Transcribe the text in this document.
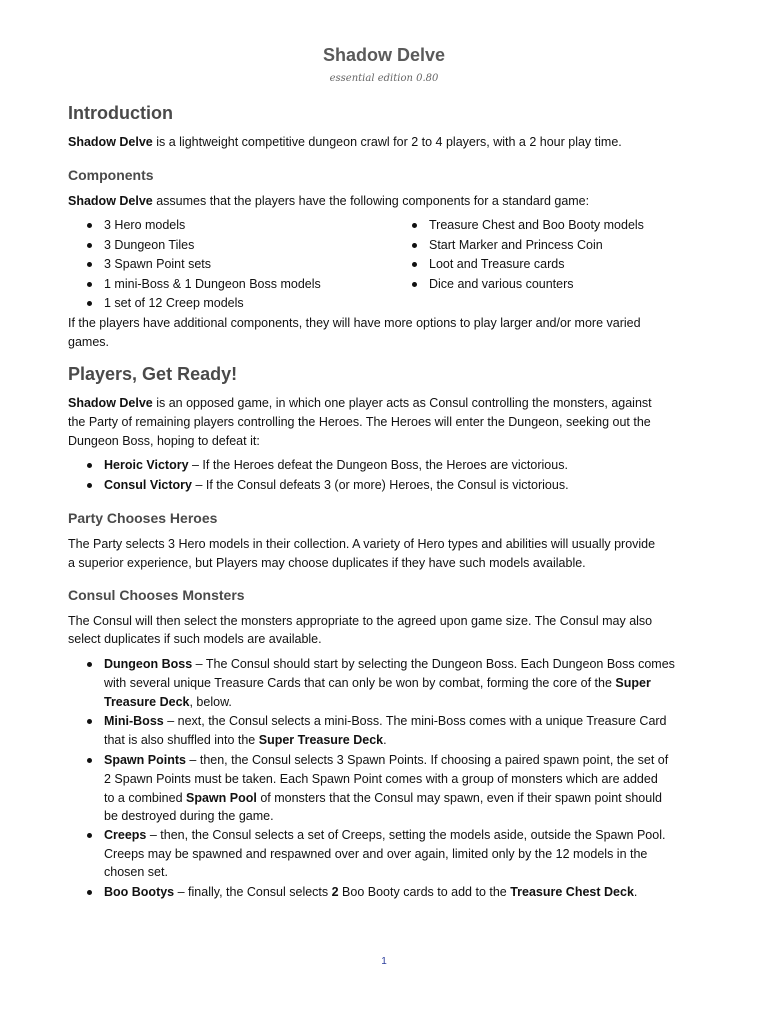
Shadow Delve
essential edition 0.80
Introduction
Shadow Delve is a lightweight competitive dungeon crawl for 2 to 4 players, with a 2 hour play time.
Components
Shadow Delve assumes that the players have the following components for a standard game:
3 Hero models
3 Dungeon Tiles
3 Spawn Point sets
1 mini-Boss & 1 Dungeon Boss models
1 set of 12 Creep models
Treasure Chest and Boo Booty models
Start Marker and Princess Coin
Loot and Treasure cards
Dice and various counters
If the players have additional components, they will have more options to play larger and/or more varied
games.
Players, Get Ready!
Shadow Delve is an opposed game, in which one player acts as Consul controlling the monsters, against
the Party of remaining players controlling the Heroes. The Heroes will enter the Dungeon, seeking out the
Dungeon Boss, hoping to defeat it:
Heroic Victory – If the Heroes defeat the Dungeon Boss, the Heroes are victorious.
Consul Victory – If the Consul defeats 3 (or more) Heroes, the Consul is victorious.
Party Chooses Heroes
The Party selects 3 Hero models in their collection. A variety of Hero types and abilities will usually provide
a superior experience, but Players may choose duplicates if they have such models available.
Consul Chooses Monsters
The Consul will then select the monsters appropriate to the agreed upon game size. The Consul may also
select duplicates if such models are available.
Dungeon Boss – The Consul should start by selecting the Dungeon Boss. Each Dungeon Boss comes
with several unique Treasure Cards that can only be won by combat, forming the core of the Super
Treasure Deck, below.
Mini-Boss – next, the Consul selects a mini-Boss. The mini-Boss comes with a unique Treasure Card
that is also shuffled into the Super Treasure Deck.
Spawn Points – then, the Consul selects 3 Spawn Points. If choosing a paired spawn point, the set of
2 Spawn Points must be taken. Each Spawn Point comes with a group of monsters which are added
to a combined Spawn Pool of monsters that the Consul may spawn, even if their spawn point should
be destroyed during the game.
Creeps – then, the Consul selects a set of Creeps, setting the models aside, outside the Spawn Pool.
Creeps may be spawned and respawned over and over again, limited only by the 12 models in the
chosen set.
Boo Bootys – finally, the Consul selects 2 Boo Booty cards to add to the Treasure Chest Deck.
1
